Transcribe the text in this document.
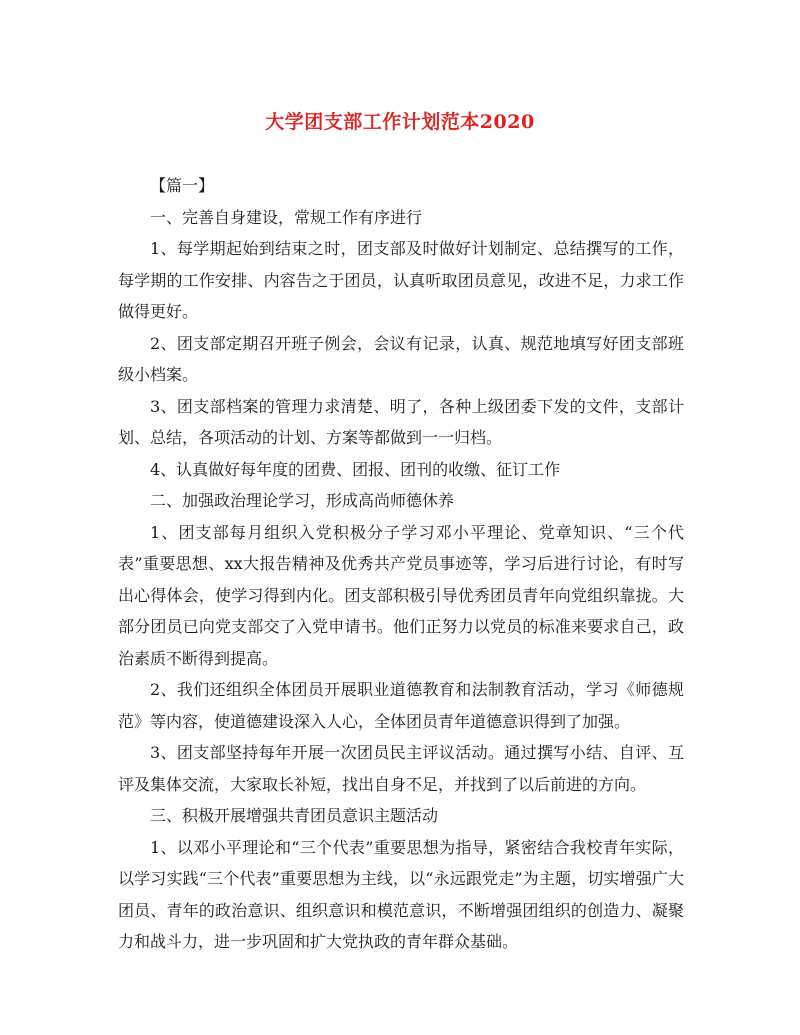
大学团支部工作计划范本2020

【篇一】

一、完善自身建设，常规工作有序进行

1、每学期起始到结束之时，团支部及时做好计划制定、总结撰写的工作，每学期的工作安排、内容告之于团员，认真听取团员意见，改进不足，力求工作做得更好。

2、团支部定期召开班子例会，会议有记录，认真、规范地填写好团支部班级小档案。

3、团支部档案的管理力求清楚、明了，各种上级团委下发的文件，支部计划、总结，各项活动的计划、方案等都做到一一归档。

4、认真做好每年度的团费、团报、团刊的收缴、征订工作

二、加强政治理论学习，形成高尚师德休养

1、团支部每月组织入党积极分子学习邓小平理论、党章知识、“三个代表”重要思想、xx大报告精神及优秀共产党员事迹等，学习后进行讨论，有时写出心得体会，使学习得到内化。团支部积极引导优秀团员青年向党组织靠拢。大部分团员已向党支部交了入党申请书。他们正努力以党员的标准来要求自己，政治素质不断得到提高。

2、我们还组织全体团员开展职业道德教育和法制教育活动，学习《师德规范》等内容，使道德建设深入人心，全体团员青年道德意识得到了加强。

3、团支部坚持每年开展一次团员民主评议活动。通过撰写小结、自评、互评及集体交流，大家取长补短，找出自身不足，并找到了以后前进的方向。

三、积极开展增强共青团员意识主题活动

1、以邓小平理论和“三个代表”重要思想为指导，紧密结合我校青年实际，以学习实践“三个代表”重要思想为主线，以“永远跟党走”为主题，切实增强广大团员、青年的政治意识、组织意识和模范意识，不断增强团组织的创造力、凝聚力和战斗力，进一步巩固和扩大党执政的青年群众基础。
